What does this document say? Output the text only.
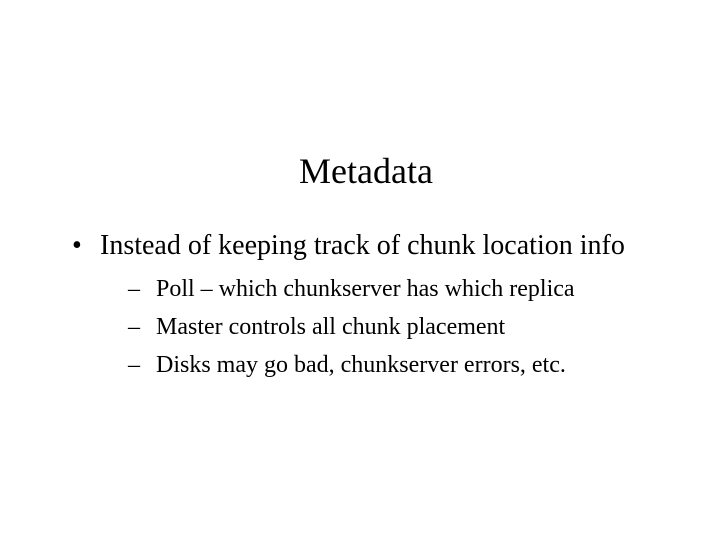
Metadata
• Instead of keeping track of chunk location info
– Poll – which chunkserver has which replica
– Master controls all chunk placement
– Disks may go bad, chunkserver errors, etc.
